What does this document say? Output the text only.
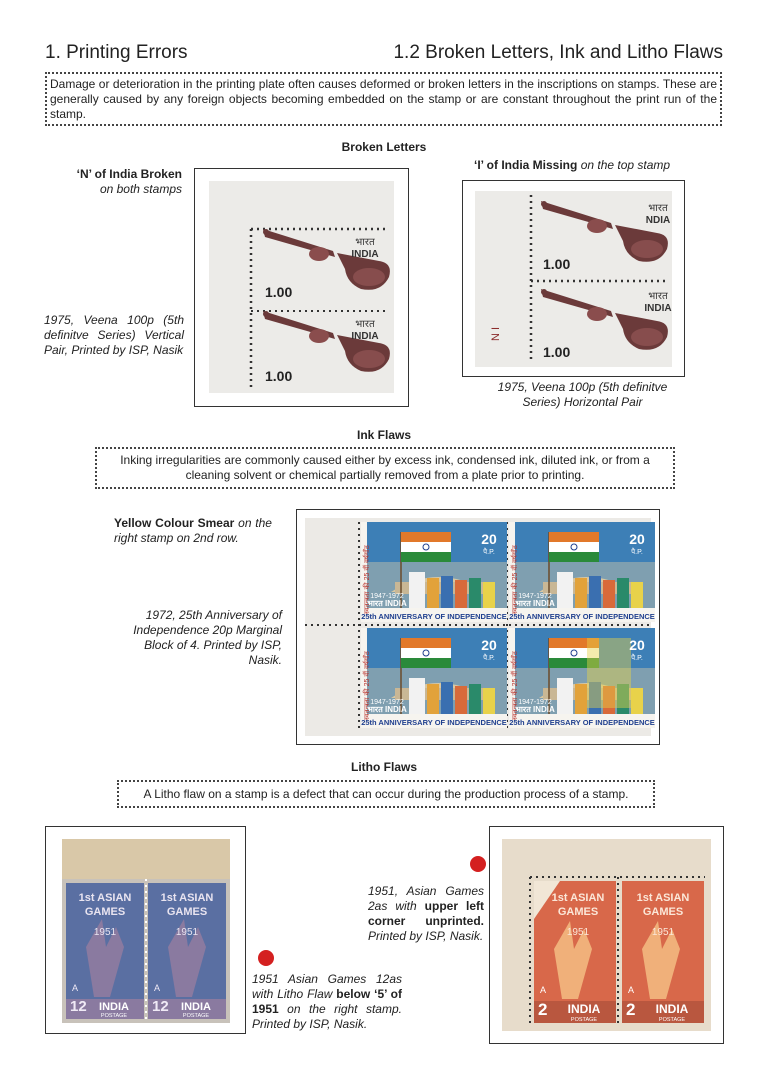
1. Printing Errors	1.2 Broken Letters, Ink and Litho Flaws
Damage or deterioration in the printing plate often causes deformed or broken letters in the inscriptions on stamps. These are generally caused by any foreign objects becoming embedded on the stamp or are constant throughout the print run of the stamp.
Broken Letters
‘N’ of India Broken
on both stamps
1975, Veena 100p (5th definitve Series) Vertical Pair, Printed by ISP, Nasik
‘I’ of India Missing on the top stamp
1975, Veena 100p (5th definitve Series) Horizontal Pair
भारत
INDIA
1.00
भारत
INDIA
1.00
भारत
NDIA
1.00
भारत
INDIA
1.00
N I
Ink Flaws
Inking irregularities are commonly caused either by excess ink, condensed ink, diluted ink, or from a cleaning solvent or chemical partially removed from a plate prior to printing.
Yellow Colour Smear on the right stamp on 2nd row.
1972, 25th Anniversary of Independence 20p Marginal Block of 4. Printed by ISP, Nasik.
20	20
20	20
पै.P.	पै.P.
पै.P.	पै.P.
1947-1972	1947-1972
1947-1972	1947-1972
भारत INDIA	भारत INDIA
भारत INDIA	भारत INDIA
25th ANNIVERSARY OF INDEPENDENCE 25th ANNIVERSARY OF INDEPENDENCE
25th ANNIVERSARY OF INDEPENDENCE 25th ANNIVERSARY OF INDEPENDENCE
स्वतन्त्रता की 25 वीं वर्षगाँठ	स्वतन्त्रता की 25 वीं वर्षगाँठ
स्वतन्त्रता की 25 वीं वर्षगाँठ	स्वतन्त्रता की 25 वीं वर्षगाँठ
Litho Flaws
A Litho flaw on a stamp is a defect that can occur during the production process of a stamp.
1st ASIAN
GAMES
1951
1st ASIAN
GAMES
1951
A
12
A
12
INDIA	INDIA
POSTAGE	POSTAGE
1951 Asian Games 12as with Litho Flaw below ‘5’ of 1951 on the right stamp. Printed by ISP, Nasik.
1951, Asian Games 2as with upper left corner unprinted. Printed by ISP, Nasik.
1st ASIAN
GAMES
1951
1st ASIAN
GAMES
1951
A
2
A
2
INDIA	INDIA
POSTAGE	POSTAGE
